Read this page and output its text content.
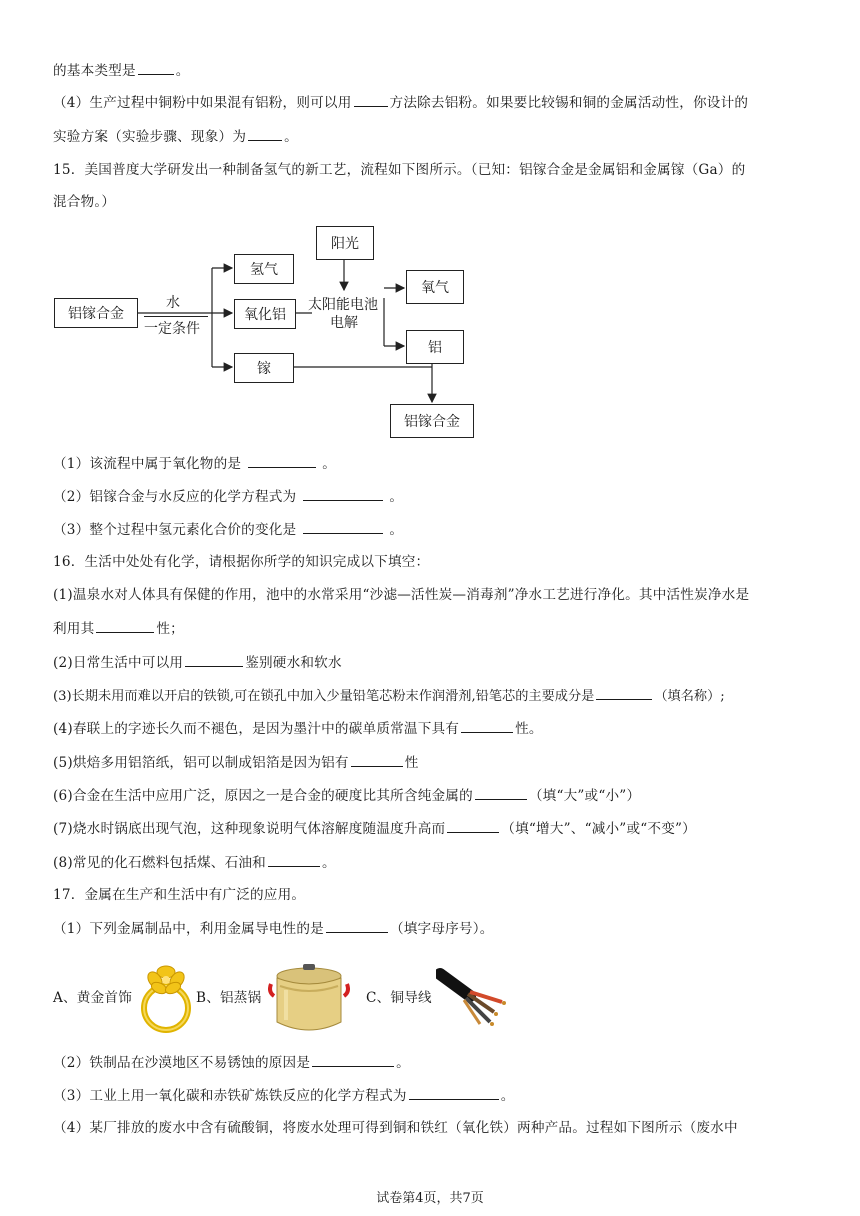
的基本类型是	。
（4）生产过程中铜粉中如果混有铝粉，则可以用	方法除去铝粉。如果要比较锡和铜的金属活动性，你设计的
实验方案（实验步骤、现象）为	。
15．美国普度大学研发出一种制备氢气的新工艺，流程如下图所示。（已知：铝镓合金是金属铝和金属镓（Ga）的
混合物。）
铝镓合金
水
一定条件
氢气
氧化铝
镓
阳光
太阳能电池
电解
氧气
铝
铝镓合金
（1）该流程中属于氧化物的是	。
（2）铝镓合金与水反应的化学方程式为	。
（3）整个过程中氢元素化合价的变化是	。
16．生活中处处有化学，请根据你所学的知识完成以下填空：
(1)温泉水对人体具有保健的作用，池中的水常采用“沙滤—活性炭—消毒剂”净水工艺进行净化。其中活性炭净水是
利用其	性；
(2)日常生活中可以用	鉴别硬水和软水
(3)长期未用而难以开启的铁锁,可在锁孔中加入少量铅笔芯粉末作润滑剂,铅笔芯的主要成分是	（填名称）;
(4)春联上的字迹长久而不褪色，是因为墨汁中的碳单质常温下具有	性。
(5)烘焙多用铝箔纸，铝可以制成铝箔是因为铝有	性
(6)合金在生活中应用广泛，原因之一是合金的硬度比其所含纯金属的	（填“大”或“小”）
(7)烧水时锅底出现气泡，这种现象说明气体溶解度随温度升高而	（填“增大”、“减小”或“不变”）
(8)常见的化石燃料包括煤、石油和	。
17．金属在生产和生活中有广泛的应用。
（1）下列金属制品中，利用金属导电性的是	（填字母序号）。
A、黄金首饰	B、铝蒸锅	C、铜导线
（2）铁制品在沙漠地区不易锈蚀的原因是	。
（3）工业上用一氧化碳和赤铁矿炼铁反应的化学方程式为	。
（4）某厂排放的废水中含有硫酸铜，将废水处理可得到铜和铁红（氧化铁）两种产品。过程如下图所示（废水中
试卷第4页，共7页
